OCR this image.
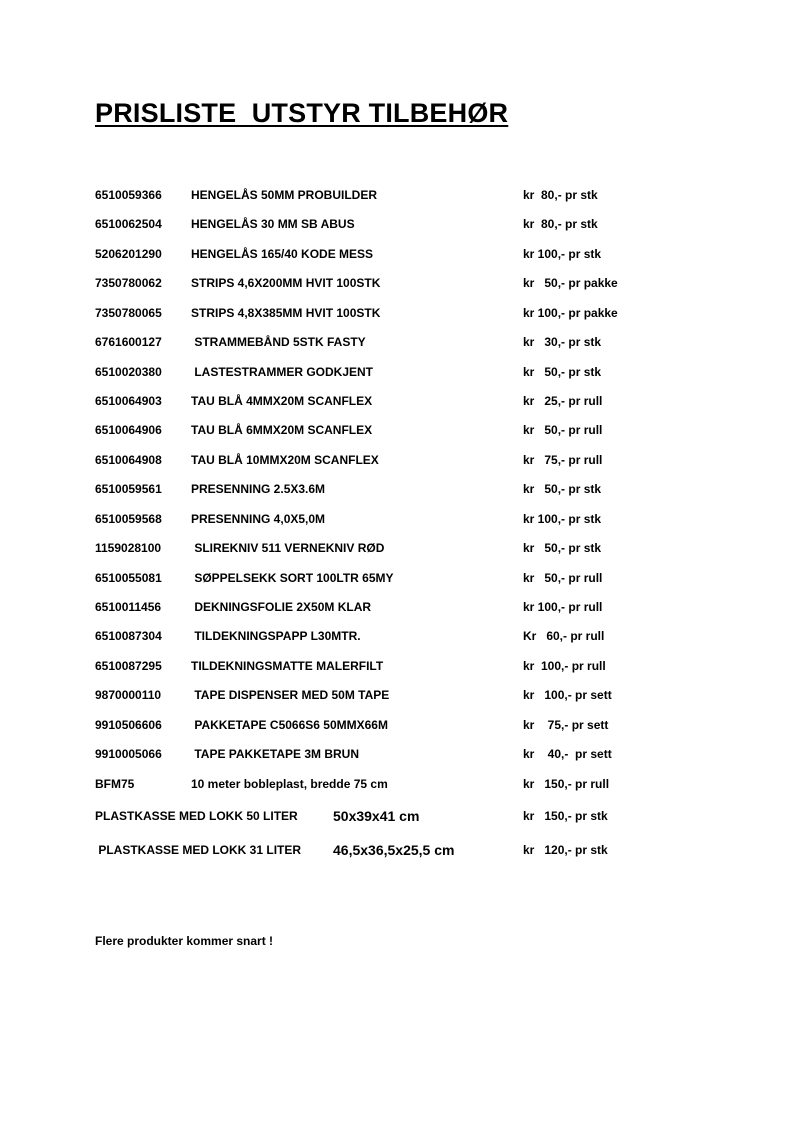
PRISLISTE  UTSTYR TILBEHØR
6510059366 HENGELÅS 50MM PROBUILDER	kr  80,- pr stk
6510062504 HENGELÅS 30 MM SB ABUS	kr  80,- pr stk
5206201290 HENGELÅS 165/40 KODE MESS	kr 100,- pr stk
7350780062 STRIPS 4,6X200MM HVIT 100STK	kr   50,- pr pakke
7350780065 STRIPS 4,8X385MM HVIT 100STK	kr 100,- pr pakke
6761600127 STRAMMEBÅND 5STK FASTY	kr   30,- pr stk
6510020380 LASTESTRAMMER GODKJENT	kr   50,- pr stk
6510064903 TAU BLÅ 4MMX20M SCANFLEX	kr   25,- pr rull
6510064906 TAU BLÅ 6MMX20M SCANFLEX	kr   50,- pr rull
6510064908 TAU BLÅ 10MMX20M SCANFLEX	kr   75,- pr rull
6510059561 PRESENNING 2.5X3.6M	kr   50,- pr stk
6510059568 PRESENNING 4,0X5,0M	kr 100,- pr stk
1159028100 SLIREKNIV 511 VERNEKNIV RØD	kr   50,- pr stk
6510055081 SØPPELSEKK SORT 100LTR 65MY	kr   50,- pr rull
6510011456 DEKNINGSFOLIE 2X50M KLAR	kr 100,- pr rull
6510087304 TILDEKNINGSPAPP L30MTR.	Kr   60,- pr rull
6510087295 TILDEKNINGSMATTE MALERFILT	kr  100,- pr rull
9870000110 TAPE DISPENSER MED 50M TAPE	kr   100,- pr sett
9910506606 PAKKETAPE C5066S6 50MMX66M	kr    75,- pr sett
9910005066 TAPE PAKKETAPE 3M BRUN	kr    40,-  pr sett
BFM75	10 meter bobleplast, bredde 75 cm	kr   150,- pr rull
PLASTKASSE MED LOKK 50 LITER	50x39x41 cm	kr   150,- pr stk
PLASTKASSE MED LOKK 31 LITER 46,5x36,5x25,5 cm	kr   120,- pr stk
Flere produkter kommer snart !
